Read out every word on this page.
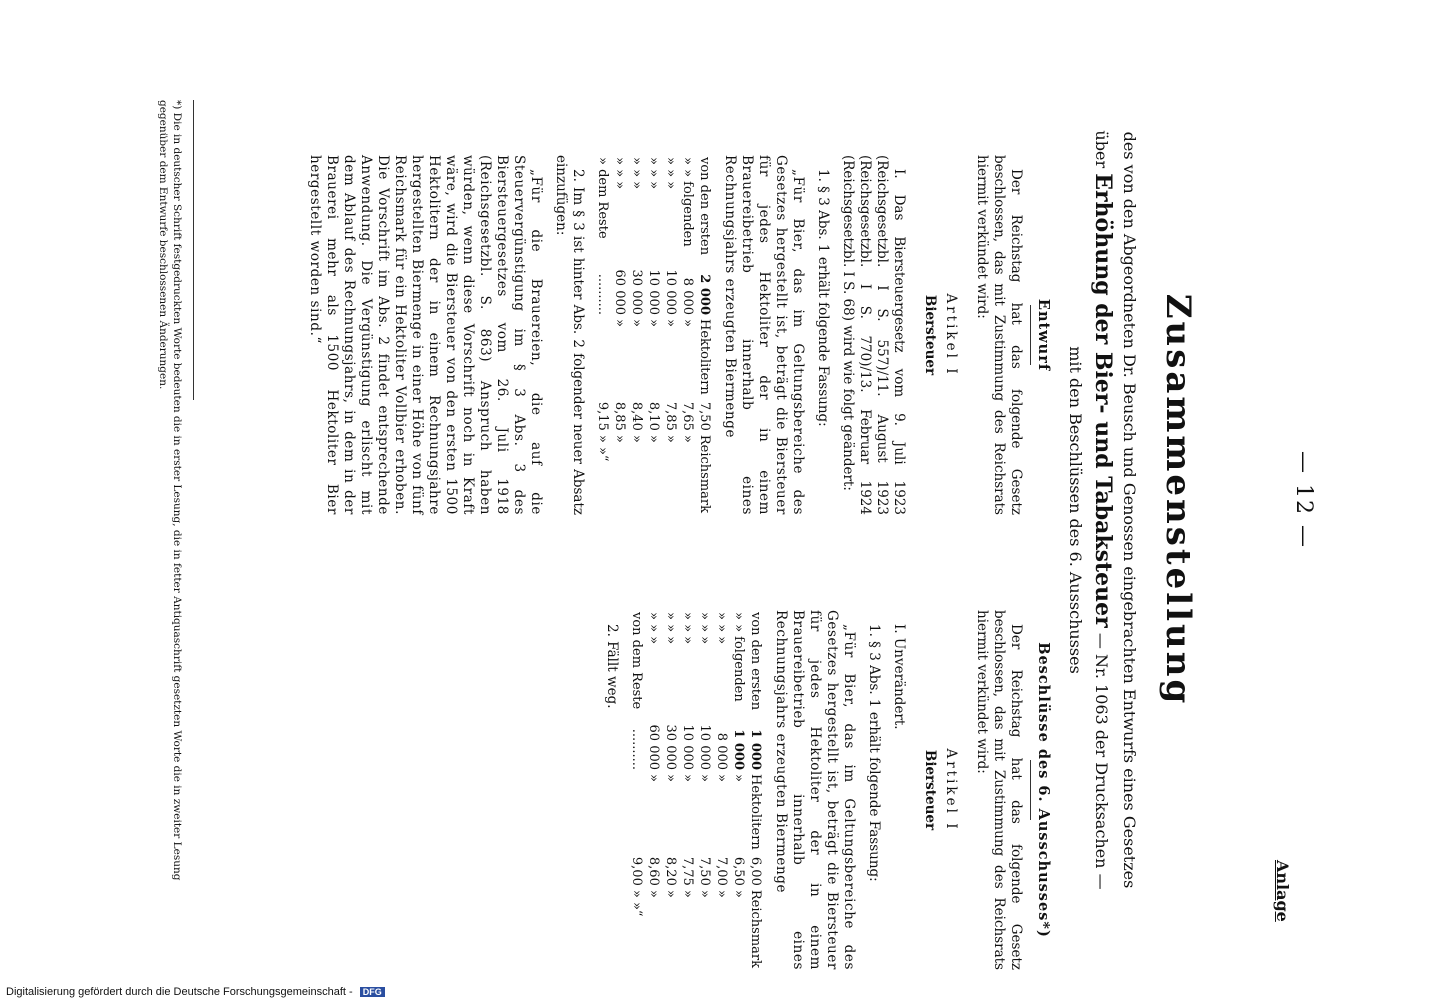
— 12 —
Anlage
Zusammenstellung
des von den Abgeordneten Dr. Beusch und Genossen eingebrachten Entwurfs eines Gesetzes
über Erhöhung der Bier- und Tabaksteuer — Nr. 1063 der Drucksachen —
mit den Beschlüssen des 6. Ausschusses
Entwurf

Der Reichstag hat das folgende Gesetz beschlossen, das mit Zustimmung des Reichsrats hiermit verkündet wird:

Artikel I
Biersteuer

I. Das Biersteuergesetz vom 9. Juli 1923 (Reichsgesetzbl. I S. 557)/11. August 1923 (Reichsgesetzbl. I S. 770)/13. Februar 1924 (Reichsgesetzbl. I S. 68) wird wie folgt geändert:

1. § 3 Abs. 1 erhält folgende Fassung:

„Für Bier, das im Geltungsbereiche des Gesetzes hergestellt ist, beträgt die Biersteuer für jedes Hektoliter der in einem Brauereibetrieb innerhalb eines Rechnungsjahrs erzeugten Biermenge

von den ersten	2 000	Hektolitern	7,50	Reichsmark
» » folgenden	8 000	»	7,65	»
» » »	10 000	»	7,85	»
» » »	10 000	»	8,10	»
» » »	30 000	»	8,40	»
» » »	60 000	»	8,85	»
» dem Reste	..........		9,15	» »“

2. Im § 3 ist hinter Abs. 2 folgender neuer Absatz einzufügen:

„Für die Brauereien, die auf die Steuervergünstigung im § 3 Abs. 3 des Biersteuergesetzes vom 26. Juli 1918 (Reichsgesetzbl. S. 863) Anspruch haben würden, wenn diese Vorschrift noch in Kraft wäre, wird die Biersteuer von den ersten 1500 Hektolitern der in einem Rechnungsjahre hergestellten Biermenge in einer Höhe von fünf Reichsmark für ein Hektoliter Vollbier erhoben. Die Vorschrift im Abs. 2 findet entsprechende Anwendung. Die Vergünstigung erlischt mit dem Ablauf des Rechnungsjahrs, in dem in der Brauerei mehr als 1500 Hektoliter Bier hergestellt worden sind.“

Beschlüsse des 6. Ausschusses*)

Der Reichstag hat das folgende Gesetz beschlossen, das mit Zustimmung des Reichsrats hiermit verkündet wird:

Artikel I
Biersteuer

I. Unverändert.

1. § 3 Abs. 1 erhält folgende Fassung:

„Für Bier, das im Geltungsbereiche des Gesetzes hergestellt ist, beträgt die Biersteuer für jedes Hektoliter der in einem Brauereibetrieb innerhalb eines Rechnungsjahrs erzeugten Biermenge

von den ersten	1 000	Hektolitern	6,00	Reichsmark
» » folgenden	1 000	»	6,50	»
» » »	8 000	»	7,00	»
» » »	10 000	»	7,50	»
» » »	10 000	»	7,75	»
» » »	30 000	»	8,20	»
» » »	60 000	»	8,60	»
von dem Reste	..........		9,00	» »“

2. Fällt weg.

*) Die in deutscher Schrift festgedruckten Worte bedeuten die in erster Lesung, die in fetter Antiquaschrift gesetzten Worte die in zweiter Lesung gegenüber dem Entwurfe beschlossenen Änderungen.
Digitalisierung gefördert durch die Deutsche Forschungsgemeinschaft - DFG
